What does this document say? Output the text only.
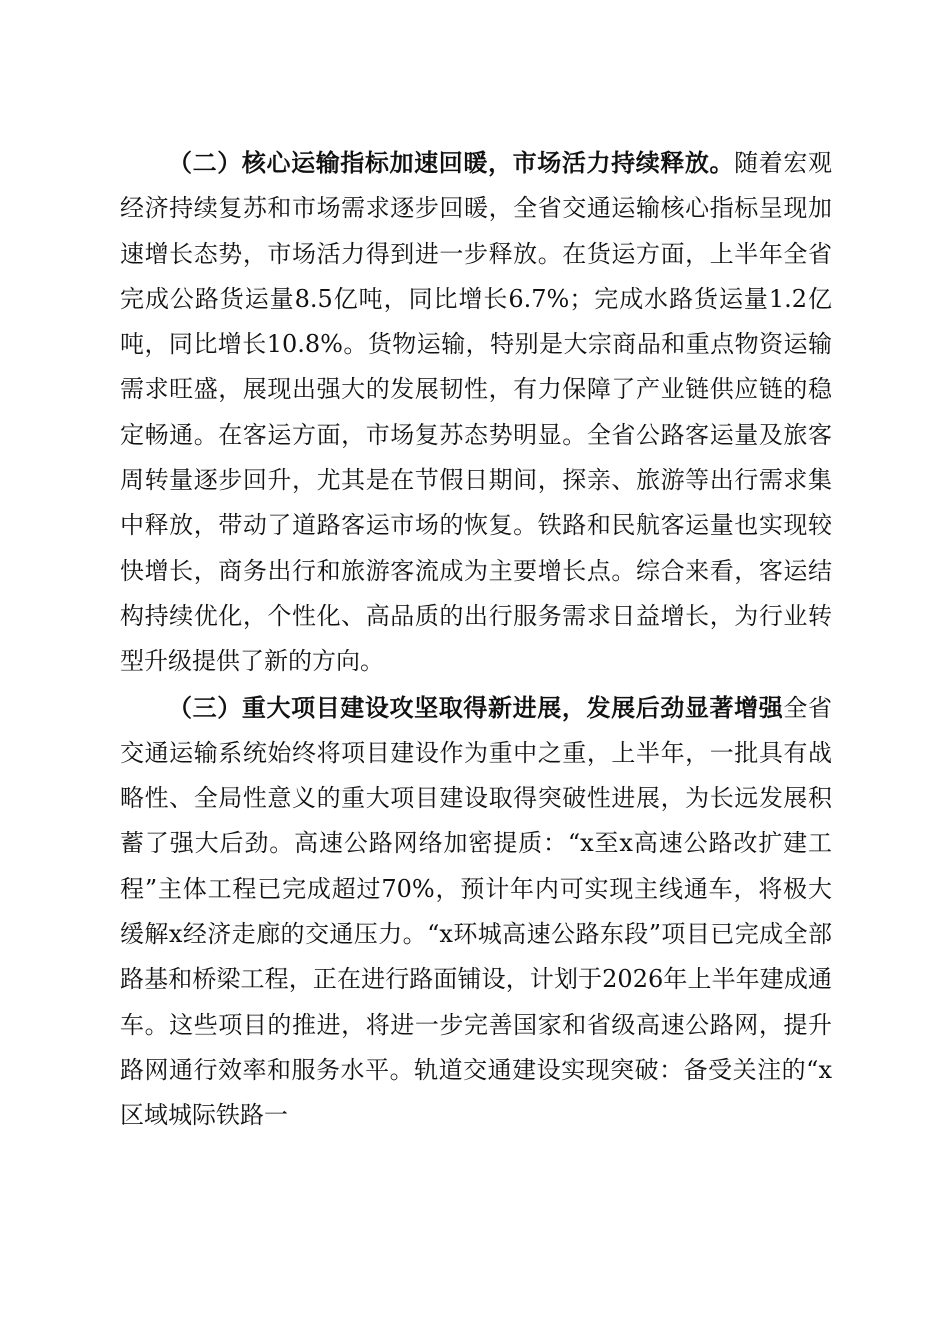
（二）核心运输指标加速回暖，市场活力持续释放。随着宏观经济持续复苏和市场需求逐步回暖，全省交通运输核心指标呈现加速增长态势，市场活力得到进一步释放。在货运方面，上半年全省完成公路货运量8.5亿吨，同比增长6.7%；完成水路货运量1.2亿吨，同比增长10.8%。货物运输，特别是大宗商品和重点物资运输需求旺盛，展现出强大的发展韧性，有力保障了产业链供应链的稳定畅通。在客运方面，市场复苏态势明显。全省公路客运量及旅客周转量逐步回升，尤其是在节假日期间，探亲、旅游等出行需求集中释放，带动了道路客运市场的恢复。铁路和民航客运量也实现较快增长，商务出行和旅游客流成为主要增长点。综合来看，客运结构持续优化，个性化、高品质的出行服务需求日益增长，为行业转型升级提供了新的方向。

（三）重大项目建设攻坚取得新进展，发展后劲显著增强全省交通运输系统始终将项目建设作为重中之重，上半年，一批具有战略性、全局性意义的重大项目建设取得突破性进展，为长远发展积蓄了强大后劲。高速公路网络加密提质：“x至x高速公路改扩建工程”主体工程已完成超过70%，预计年内可实现主线通车，将极大缓解x经济走廊的交通压力。“x环城高速公路东段”项目已完成全部路基和桥梁工程，正在进行路面铺设，计划于2026年上半年建成通车。这些项目的推进，将进一步完善国家和省级高速公路网，提升路网通行效率和服务水平。轨道交通建设实现突破：备受关注的“x区域城际铁路一
